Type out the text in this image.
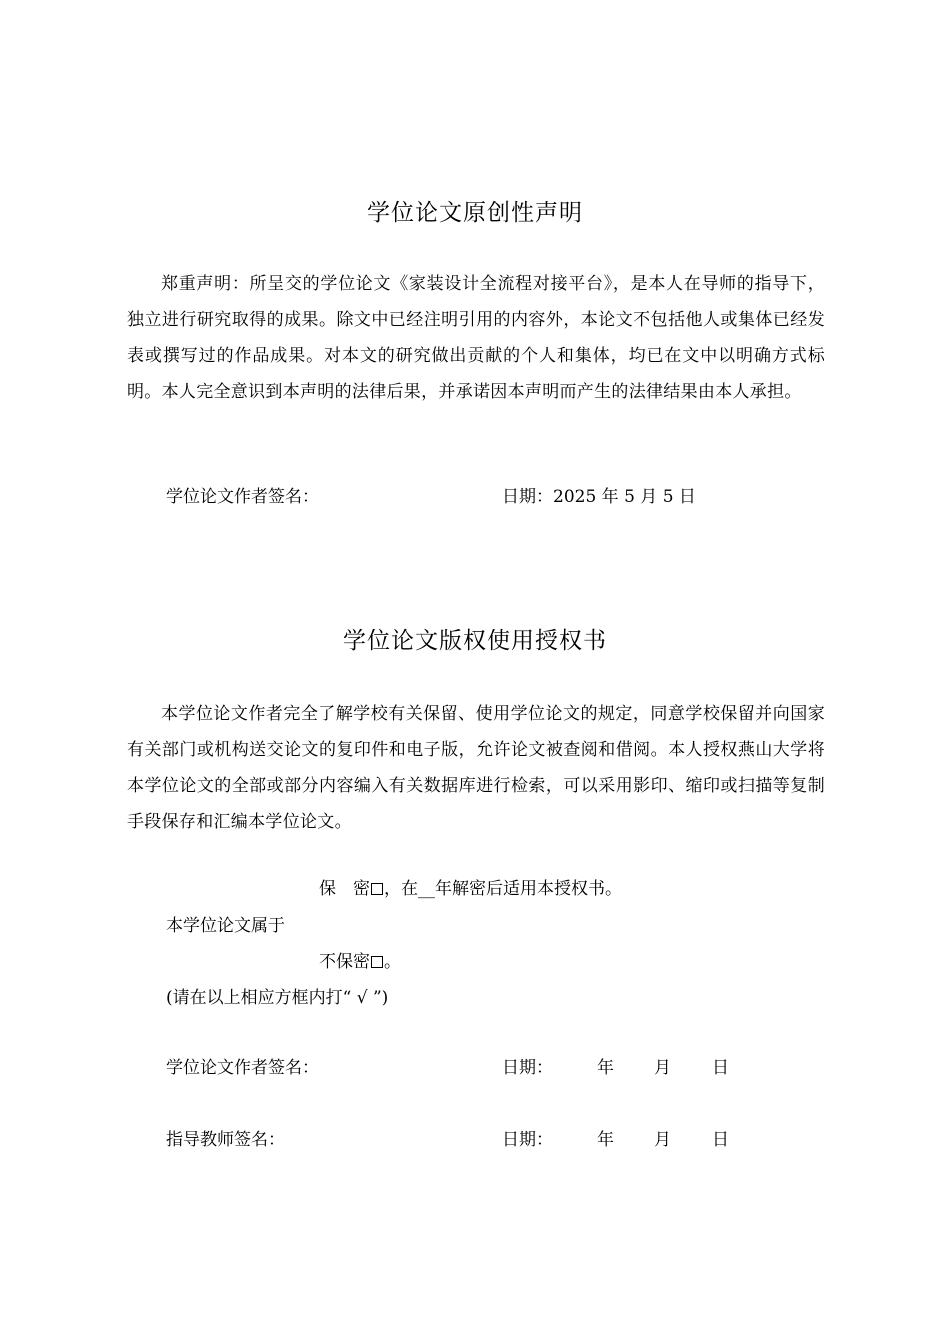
学位论文原创性声明
郑重声明：所呈交的学位论文《家装设计全流程对接平台》，是本人在导师的指导下，独立进行研究取得的成果。除文中已经注明引用的内容外，本论文不包括他人或集体已经发表或撰写过的作品成果。对本文的研究做出贡献的个人和集体，均已在文中以明确方式标明。本人完全意识到本声明的法律后果，并承诺因本声明而产生的法律结果由本人承担。
学位论文作者签名：	日期：2025 年 5 月 5 日
学位论文版权使用授权书
本学位论文作者完全了解学校有关保留、使用学位论文的规定，同意学校保留并向国家有关部门或机构送交论文的复印件和电子版，允许论文被查阅和借阅。本人授权燕山大学将本学位论文的全部或部分内容编入有关数据库进行检索，可以采用影印、缩印或扫描等复制手段保存和汇编本学位论文。
保　密 ，在__年解密后适用本授权书。
本学位论文属于
不保密 。
(请在以上相应方框内打“ √ ”)
学位论文作者签名：	日期：	年 月 日
指导教师签名：	日期：	年 月 日
